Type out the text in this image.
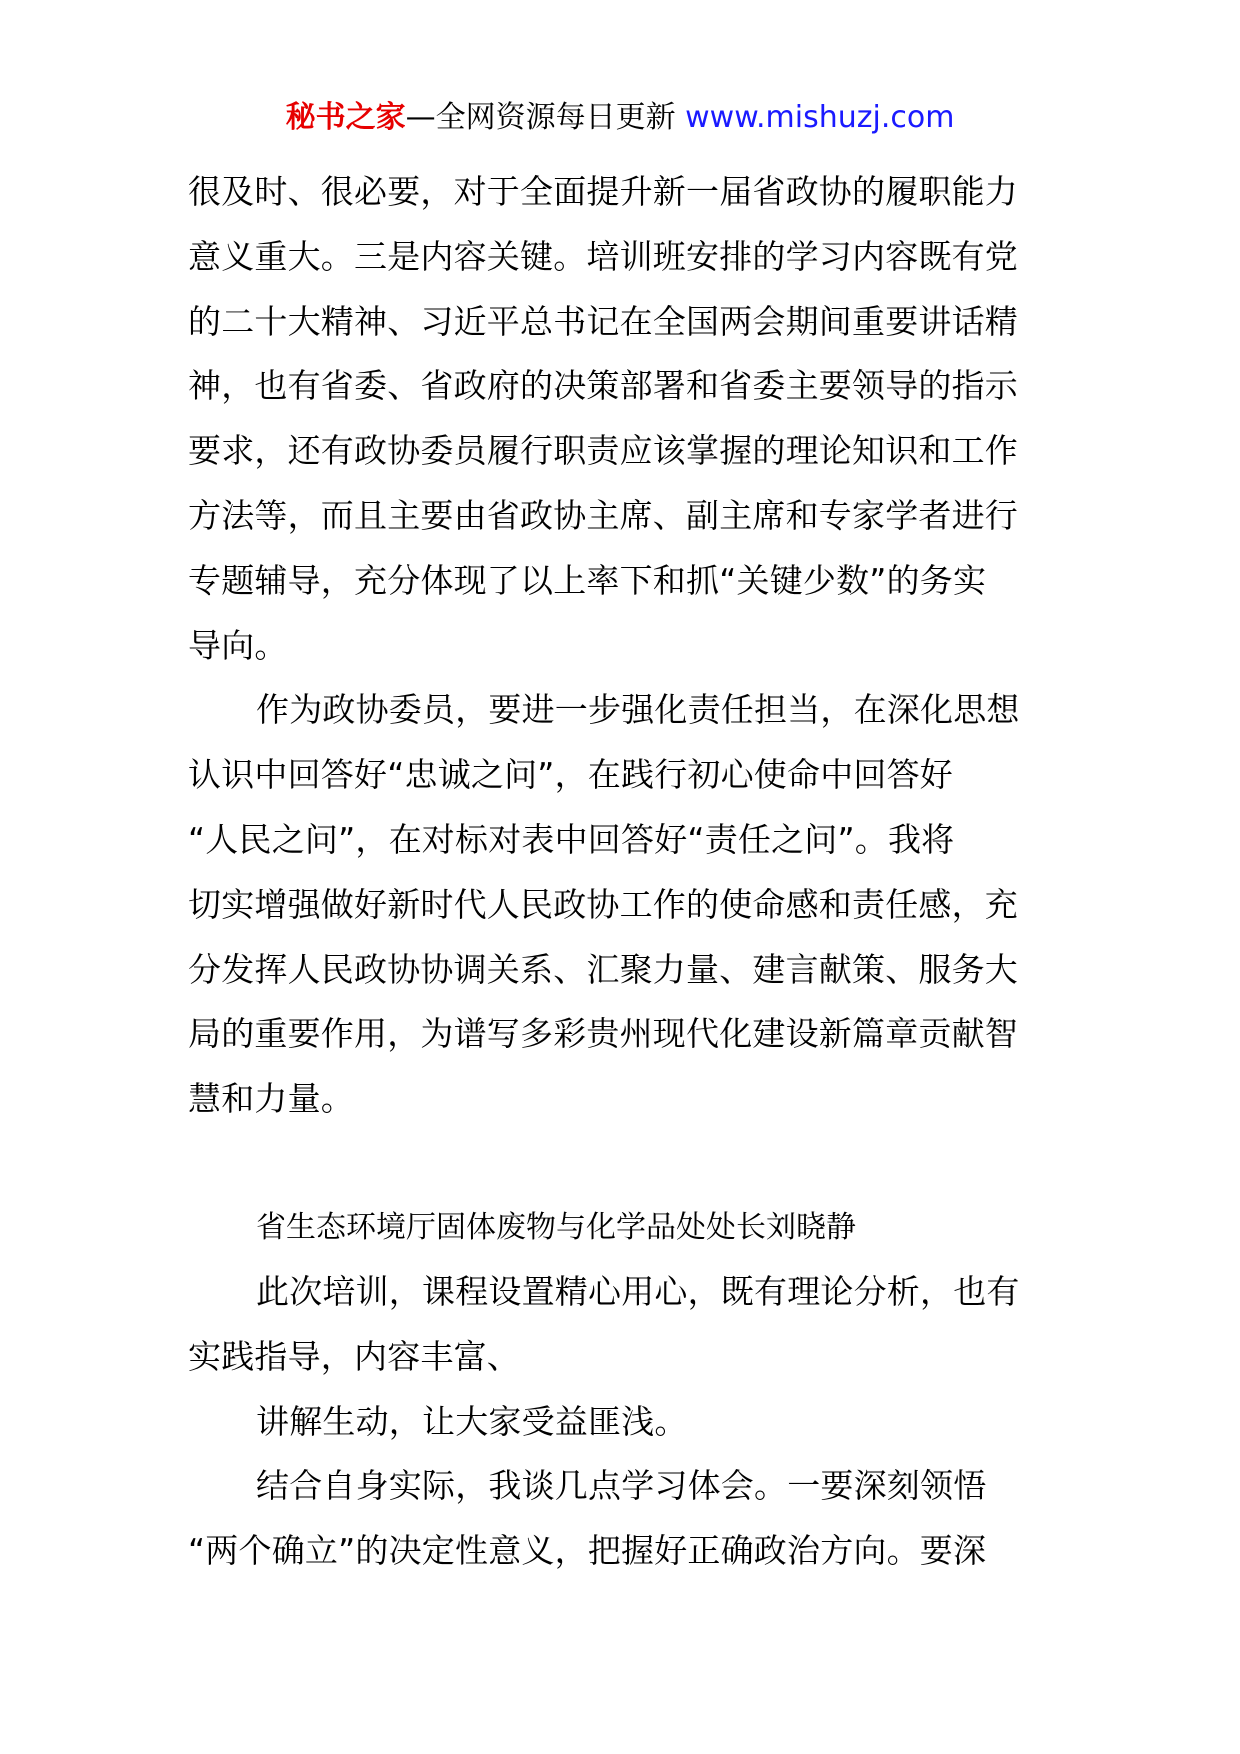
秘书之家—全网资源每日更新 www.mishuzj.com

很及时、很必要，对于全面提升新一届省政协的履职能力
意义重大。三是内容关键。培训班安排的学习内容既有党
的二十大精神、习近平总书记在全国两会期间重要讲话精
神，也有省委、省政府的决策部署和省委主要领导的指示
要求，还有政协委员履行职责应该掌握的理论知识和工作
方法等，而且主要由省政协主席、副主席和专家学者进行
专题辅导，充分体现了以上率下和抓“关键少数”的务实
导向。

作为政协委员，要进一步强化责任担当，在深化思想
认识中回答好“忠诚之问”，在践行初心使命中回答好
“人民之问”，在对标对表中回答好“责任之问”。我将
切实增强做好新时代人民政协工作的使命感和责任感，充
分发挥人民政协协调关系、汇聚力量、建言献策、服务大
局的重要作用，为谱写多彩贵州现代化建设新篇章贡献智
慧和力量。

省生态环境厅固体废物与化学品处处长刘晓静

此次培训，课程设置精心用心，既有理论分析，也有
实践指导，内容丰富、

讲解生动，让大家受益匪浅。

结合自身实际，我谈几点学习体会。一要深刻领悟
“两个确立”的决定性意义，把握好正确政治方向。要深
